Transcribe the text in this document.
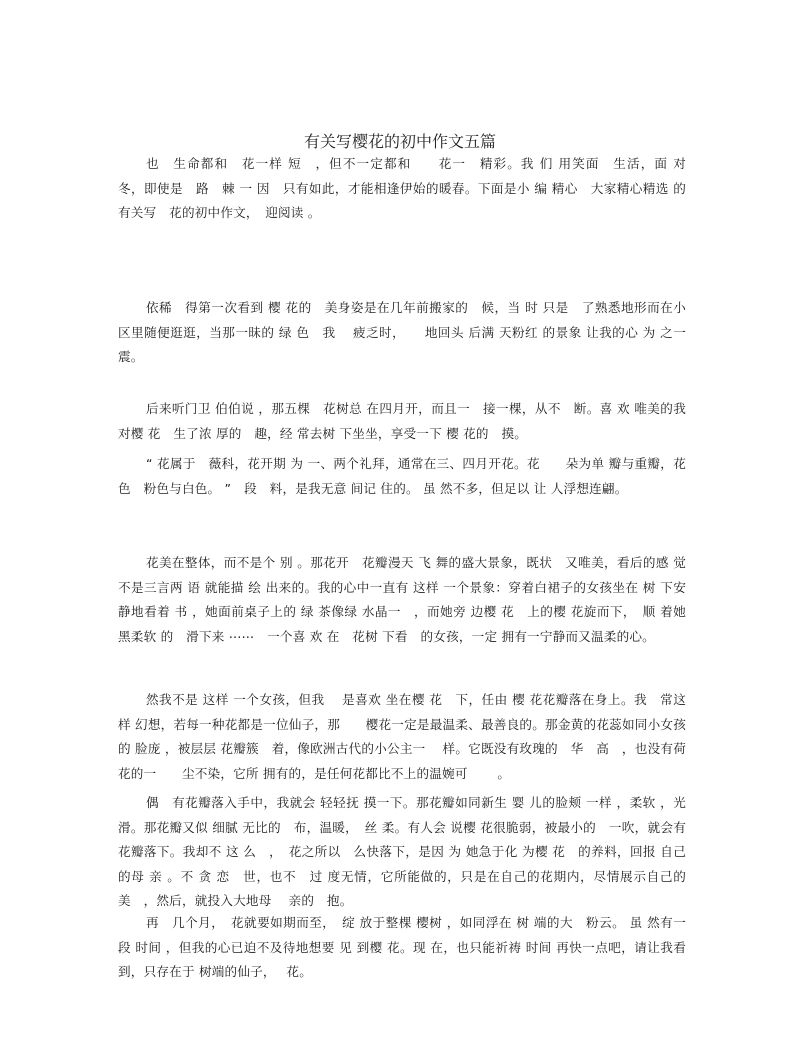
有关写樱花的初中作文五篇

也　生命都和　花一样 短　，但不一定都和　　花一　精彩。我 们 用笑面　生活，面 对　冬，即使是　路　棘 一 因　只有如此，才能相逢伊始的暖春。下面是小 编 精心　大家精心精选 的有关写　花的初中作文，　迎阅读 。

依稀　得第一次看到 樱 花的　美身姿是在几年前搬家的　候，当 时 只是　了熟悉地形而在小区里随便逛逛，当那一昧的 绿 色　我　 疲乏时，　　地回头 后满 天粉红 的景象 让我的心 为 之一震。

后来听门卫 伯伯说 ，那五棵　花树总 在四月开，而且一　接一棵，从不　断。喜 欢 唯美的我对樱 花　生了浓 厚的　趣，经 常去树 下坐坐，享受一下 樱 花的　摸。

“ 花属于　薇科，花开期 为 一、两个礼拜，通常在三、四月开花。花　　朵为单 瓣与重瓣，花色　粉色与白色。 ”　段　料，是我无意 间记 住的。 虽 然不多，但足以 让 人浮想连翩。

花美在整体，而不是个 别 。那花开　花瓣漫天 飞 舞的盛大景象，既状　又唯美，看后的感 觉 不是三言两 语 就能描 绘 出来的。我的心中一直有 这样 一个景象：穿着白裙子的女孩坐在 树 下安静地看着 书 ，她面前桌子上的 绿 茶像绿 水晶一　，而她旁 边樱 花　上的樱 花旋而下，　顺 着她　黑柔软 的　滑下来 ⋯⋯　一个喜 欢 在　花树 下看　的女孩，一定 拥有一宁静而又温柔的心。

然我不是 这样 一个女孩，但我　 是喜欢 坐在樱 花　下，任由 樱 花花瓣落在身上。我　常这样 幻想，若每一种花都是一位仙子，那　　樱花一定是最温柔、最善良的。那金黄的花蕊如同小女孩的 脸庞 ，被层层 花瓣簇　着，像欧洲古代的小公主一　 样。它既没有玫瑰的　华　高　，也没有荷花的一　　尘不染，它所 拥有的，是任何花都比不上的温婉可　　 。

偶　有花瓣落入手中，我就会 轻轻抚 摸一下。那花瓣如同新生 婴 儿的脸颊 一样 ，柔软 ，光滑。那花瓣又似 细腻 无比的　布，温暖，　丝 柔。有人会 说樱 花很脆弱，被最小的　一吹，就会有花瓣落下。我却不 这 么　，　花之所以　么快落下，是因 为 她急于化 为樱 花　的养料，回报 自己的母 亲 。不 贪 恋　世，也不　过 度无情，它所能做的，只是在自己的花期内，尽情展示自己的美　，然后，就投入大地母　 亲的　抱。

再　几个月，　花就要如期而至，　绽 放于整棵 樱树 ，如同浮在 树 端的大　粉云。 虽 然有一段 时间 ，但我的心已迫不及待地想要 见 到樱 花。现 在，也只能祈祷 时间 再快一点吧，请让我看到，只存在于 树端的仙子，　 花。
